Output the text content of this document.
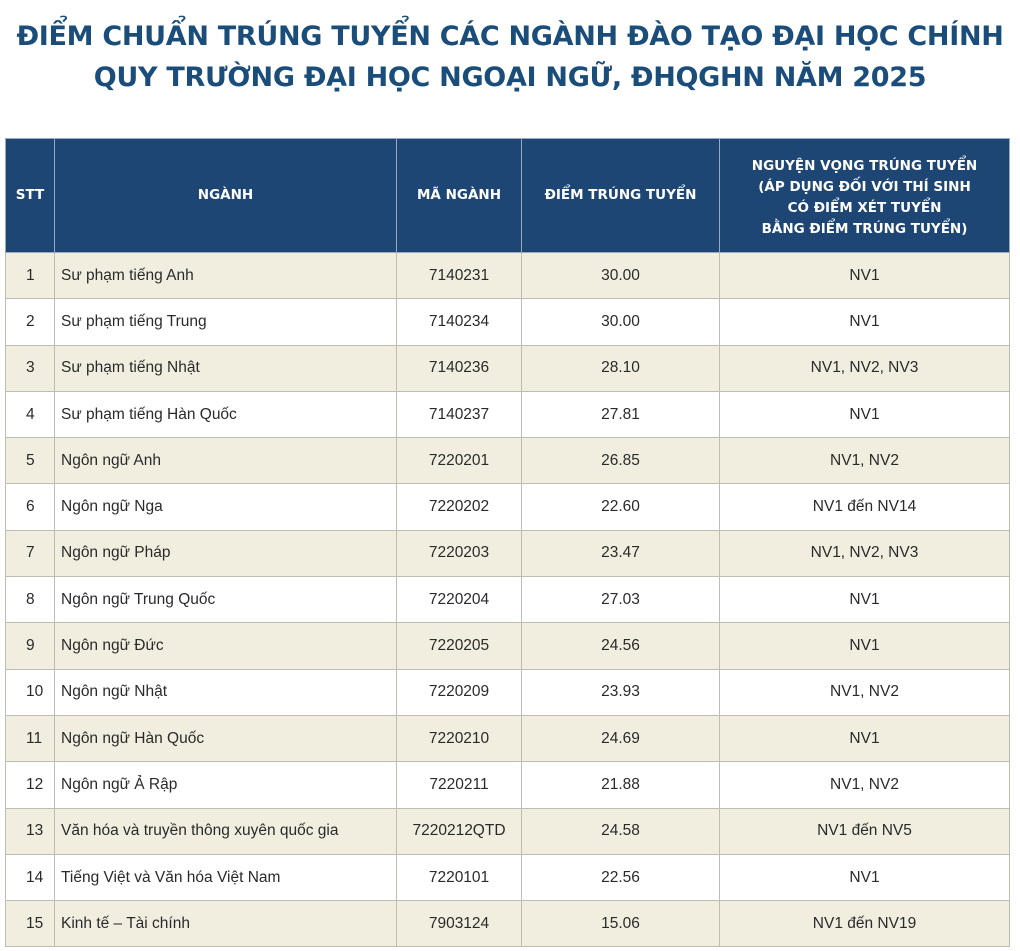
ĐIỂM CHUẨN TRÚNG TUYỂN CÁC NGÀNH ĐÀO TẠO ĐẠI HỌC CHÍNH
QUY TRƯỜNG ĐẠI HỌC NGOẠI NGỮ, ĐHQGHN NĂM 2025
STT	NGÀNH	MÃ NGÀNH	ĐIỂM TRÚNG TUYỂN	NGUYỆN VỌNG TRÚNG TUYỂN
(ÁP DỤNG ĐỐI VỚI THÍ SINH
CÓ ĐIỂM XÉT TUYỂN
BẰNG ĐIỂM TRÚNG TUYỂN)

1	Sư phạm tiếng Anh	7140231	30.00	NV1
2	Sư phạm tiếng Trung	7140234	30.00	NV1
3	Sư phạm tiếng Nhật	7140236	28.10	NV1, NV2, NV3
4	Sư phạm tiếng Hàn Quốc	7140237	27.81	NV1
5	Ngôn ngữ Anh	7220201	26.85	NV1, NV2
6	Ngôn ngữ Nga	7220202	22.60	NV1 đến NV14
7	Ngôn ngữ Pháp	7220203	23.47	NV1, NV2, NV3
8	Ngôn ngữ Trung Quốc	7220204	27.03	NV1
9	Ngôn ngữ Đức	7220205	24.56	NV1
10	Ngôn ngữ Nhật	7220209	23.93	NV1, NV2
11	Ngôn ngữ Hàn Quốc	7220210	24.69	NV1
12	Ngôn ngữ Ả Rập	7220211	21.88	NV1, NV2
13	Văn hóa và truyền thông xuyên quốc gia	7220212QTD	24.58	NV1 đến NV5
14	Tiếng Việt và Văn hóa Việt Nam	7220101	22.56	NV1
15	Kinh tế – Tài chính	7903124	15.06	NV1 đến NV19
